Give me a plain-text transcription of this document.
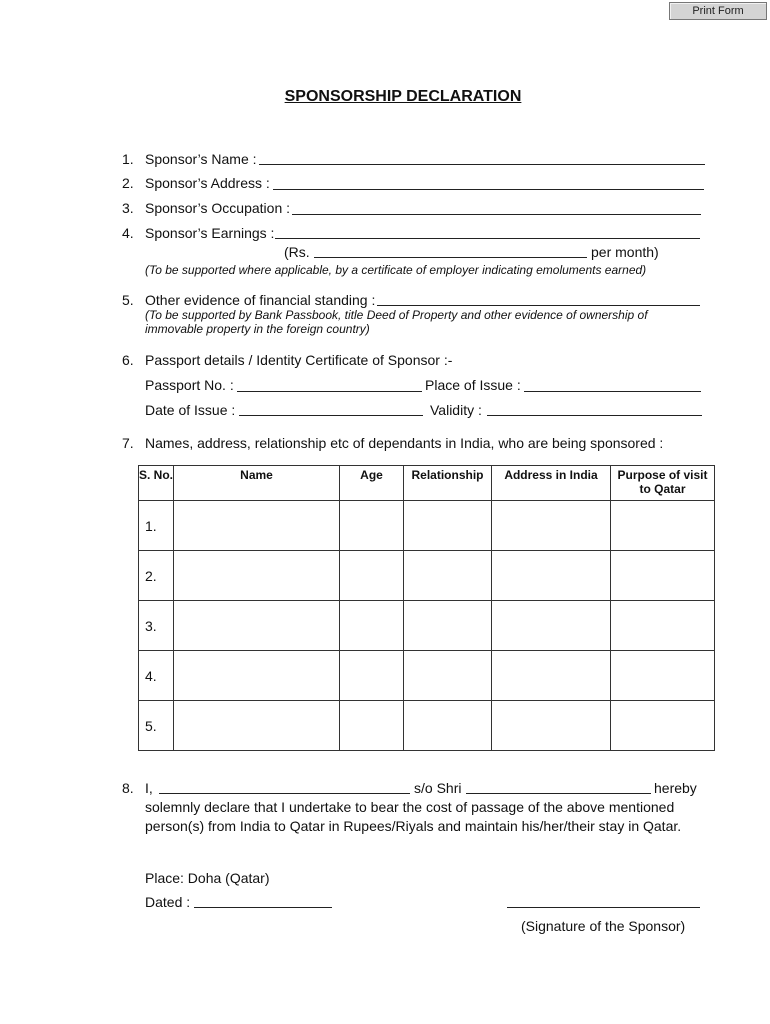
Print Form
SPONSORSHIP DECLARATION
1. Sponsor’s Name :
2. Sponsor’s Address :
3. Sponsor’s Occupation :
4. Sponsor’s Earnings :
(Rs.	per month)
(To be supported where applicable, by a certificate of employer indicating emoluments earned)
5. Other evidence of financial standing :
(To be supported by Bank Passbook, title Deed of Property and other evidence of ownership of
immovable property in the foreign country)
6. Passport details / Identity Certificate of Sponsor :-
Passport No. :	Place of Issue :
Date of Issue :	Validity :
7. Names, address, relationship etc of dependants in India, who are being sponsored :
S. No.	Name	Age	Relationship	Address in India	Purpose of visit to Qatar
1.					
2.					
3.					
4.					
5.					
8. I,	s/o Shri	hereby
solemnly declare that I undertake to bear the cost of passage of the above mentioned
person(s) from India to Qatar in Rupees/Riyals and maintain his/her/their stay in Qatar.
Place: Doha (Qatar)
Dated :
(Signature of the Sponsor)
